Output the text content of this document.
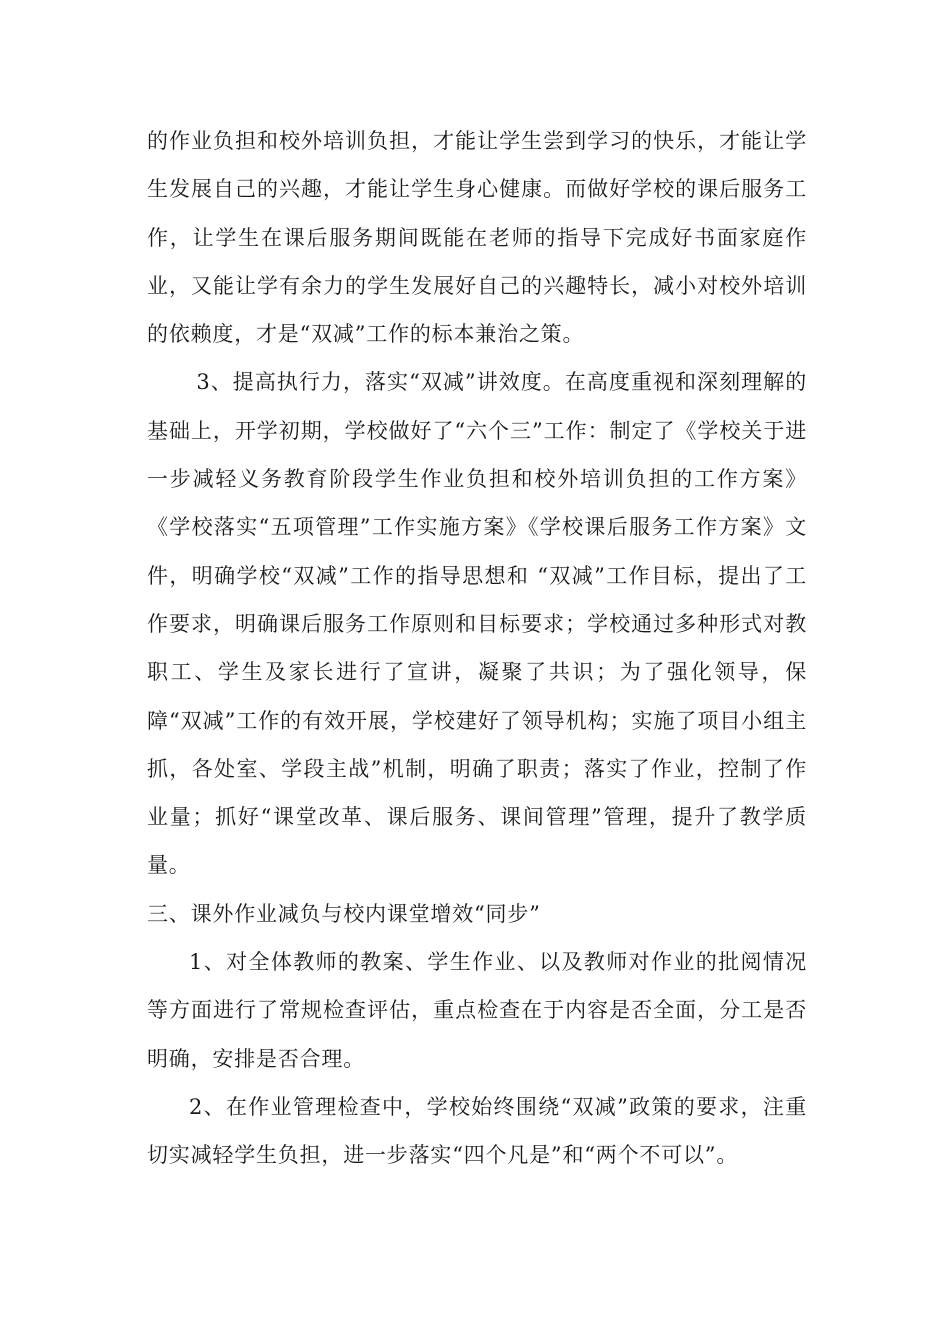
的作业负担和校外培训负担，才能让学生尝到学习的快乐，才能让学生发展自己的兴趣，才能让学生身心健康。而做好学校的课后服务工作，让学生在课后服务期间既能在老师的指导下完成好书面家庭作业，又能让学有余力的学生发展好自己的兴趣特长，减小对校外培训的依赖度，才是“双减”工作的标本兼治之策。

3、提高执行力，落实“双减”讲效度。在高度重视和深刻理解的基础上，开学初期，学校做好了“六个三”工作：制定了《学校关于进一步减轻义务教育阶段学生作业负担和校外培训负担的工作方案》《学校落实“五项管理”工作实施方案》《学校课后服务工作方案》文件，明确学校“双减”工作的指导思想和 “双减”工作目标，提出了工作要求，明确课后服务工作原则和目标要求；学校通过多种形式对教职工、学生及家长进行了宣讲，凝聚了共识；为了强化领导，保障“双减”工作的有效开展，学校建好了领导机构；实施了项目小组主抓，各处室、学段主战”机制，明确了职责；落实了作业，控制了作业量；抓好“课堂改革、课后服务、课间管理”管理，提升了教学质量。

三、课外作业减负与校内课堂增效“同步”

1、对全体教师的教案、学生作业、以及教师对作业的批阅情况等方面进行了常规检查评估，重点检查在于内容是否全面，分工是否明确，安排是否合理。

2、在作业管理检查中，学校始终围绕“双减”政策的要求，注重切实减轻学生负担，进一步落实“四个凡是”和“两个不可以”。
